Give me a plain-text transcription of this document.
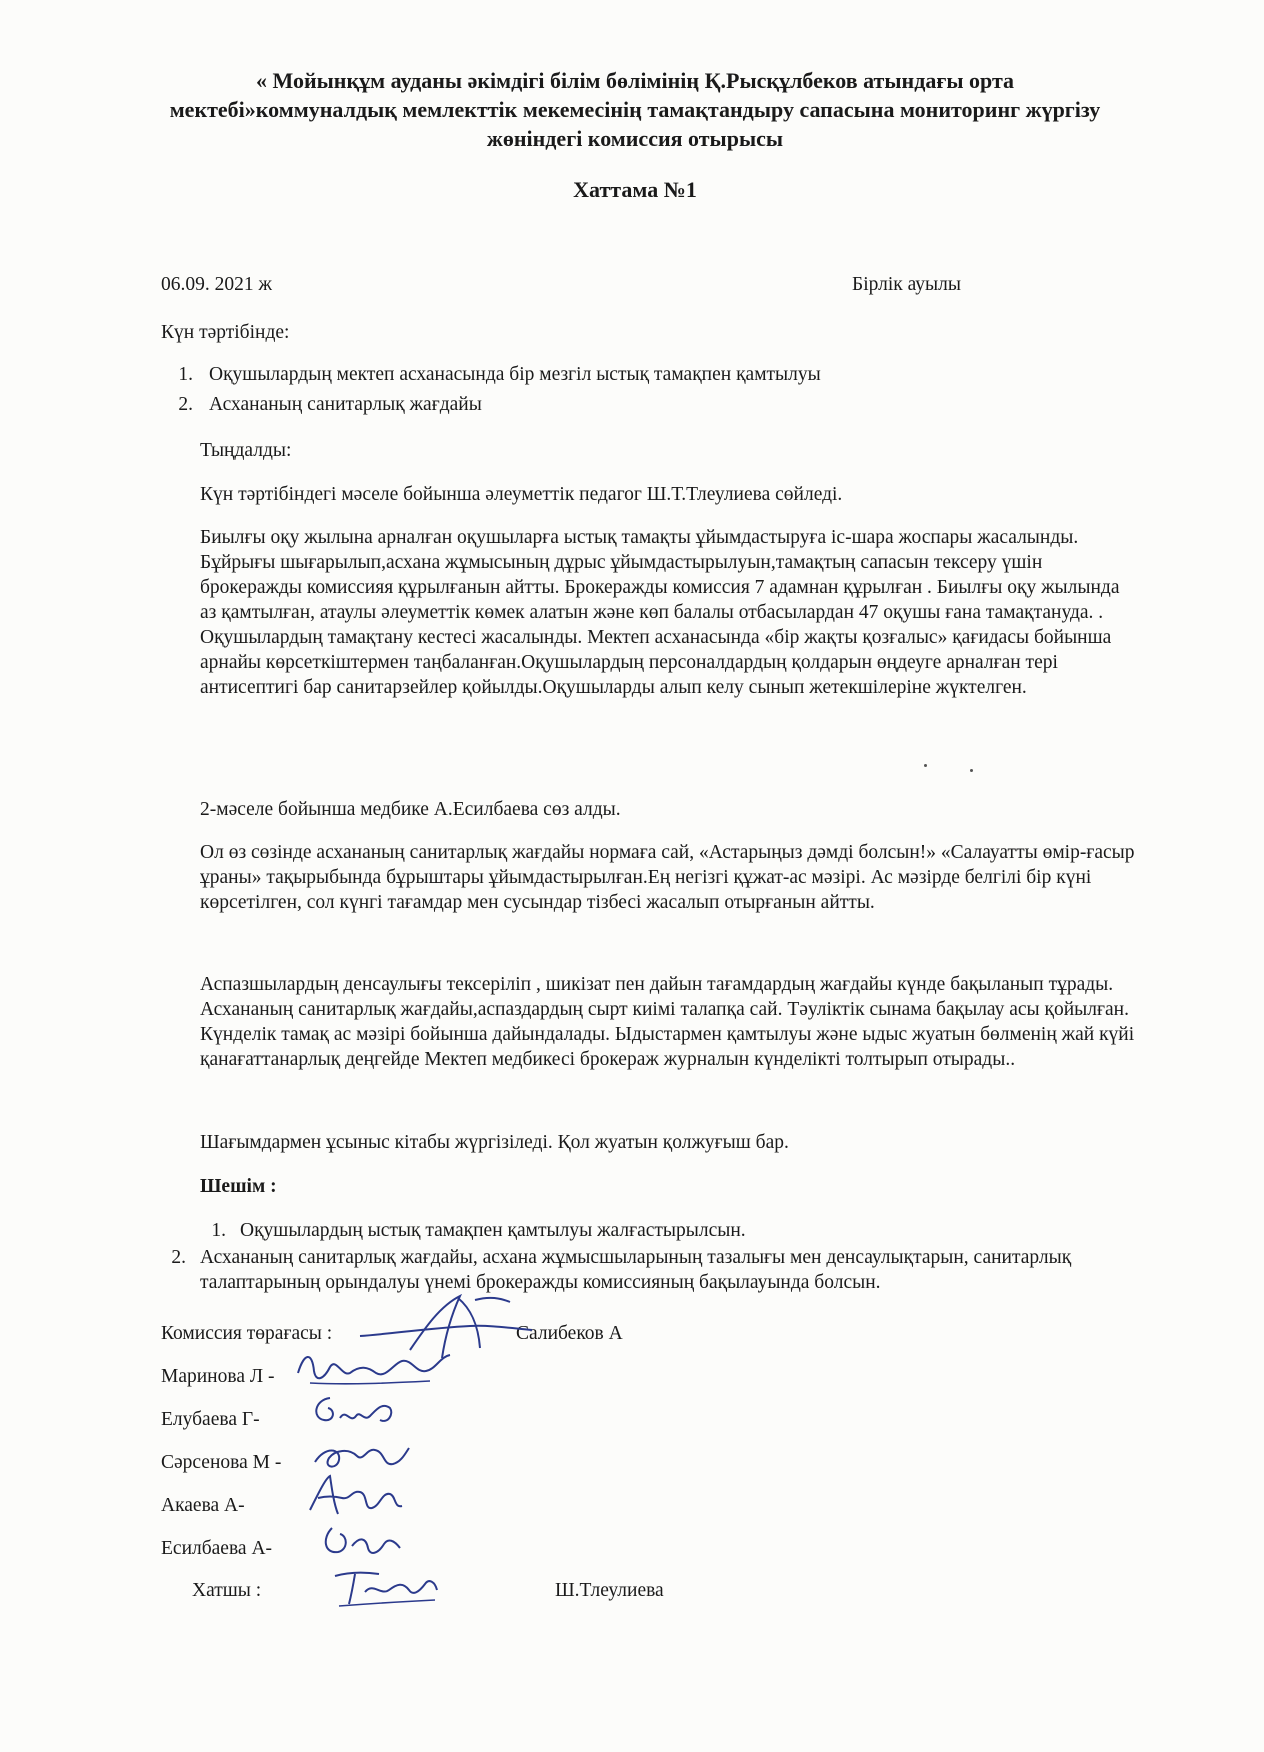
« Мойынқұм ауданы әкімдігі білім бөлімінің Қ.Рысқұлбеков атындағы орта мектебі»коммуналдық мемлекттік мекемесінің тамақтандыру сапасына мониторинг жүргізу жөніндегі комиссия отырысы
Хаттама №1
06.09. 2021 ж	Бірлік ауылы
Күн тәртібінде:
1. Оқушылардың мектеп асханасында бір мезгіл ыстық тамақпен қамтылуы
2. Асхананың санитарлық жағдайы
Тыңдалды:
Күн тәртібіндегі мәселе бойынша әлеуметтік педагог Ш.Т.Тлеулиева сөйледі.
Биылғы оқу жылына арналған оқушыларға ыстық тамақты ұйымдастыруға іс-шара жоспары жасалынды. Бұйрығы шығарылып,асхана жұмысының дұрыс ұйымдастырылуын,тамақтың сапасын тексеру үшін брокеражды комиссияя құрылғанын айтты. Брокеражды комиссия 7 адамнан құрылған . Биылғы оқу жылында аз қамтылған, атаулы әлеуметтік көмек алатын және көп балалы отбасылардан 47 оқушы ғана тамақтануда. . Оқушылардың тамақтану кестесі жасалынды. Мектеп асханасында «бір жақты қозғалыс» қағидасы бойынша арнайы көрсеткіштермен таңбаланған.Оқушылардың персоналдардың қолдарын өңдеуге арналған тері антисептигі бар санитарзейлер қойылды.Оқушыларды алып келу сынып жетекшілеріне жүктелген.
2-мәселе бойынша медбике А.Есилбаева сөз алды.
Ол өз сөзінде асхананың санитарлық жағдайы нормаға сай, «Астарыңыз дәмді болсын!» «Салауатты өмір-ғасыр ұраны» тақырыбында бұрыштары ұйымдастырылған.Ең негізгі құжат-ас мәзірі. Ас мәзірде белгілі бір күні көрсетілген, сол күнгі тағамдар мен сусындар тізбесі жасалып отырғанын айтты.
Аспазшылардың денсаулығы тексеріліп , шикізат пен дайын тағамдардың жағдайы күнде бақыланып тұрады. Асхананың санитарлық жағдайы,аспаздардың сырт киімі талапқа сай. Тәуліктік сынама бақылау асы қойылған. Күнделік тамақ ас мәзірі бойынша дайындалады. Ыдыстармен қамтылуы және ыдыс жуатын бөлменің жай күйі қанағаттанарлық деңгейде Мектеп медбикесі брокераж журналын күнделікті толтырып отырады..
Шағымдармен ұсыныс кітабы жүргізіледі. Қол жуатын қолжуғыш бар.
Шешім :
1. Оқушылардың ыстық тамақпен қамтылуы жалғастырылсын.
2. Асхананың санитарлық жағдайы, асхана жұмысшыларының тазалығы мен денсаулықтарын, санитарлық талаптарының орындалуы үнемі брокеражды комиссияның бақылауында болсын.
Комиссия төрағасы :	Салибеков А
Маринова Л -
Елубаева Г-
Сәрсенова М -
Акаева А-
Есилбаева А-
Хатшы :	Ш.Тлеулиева
